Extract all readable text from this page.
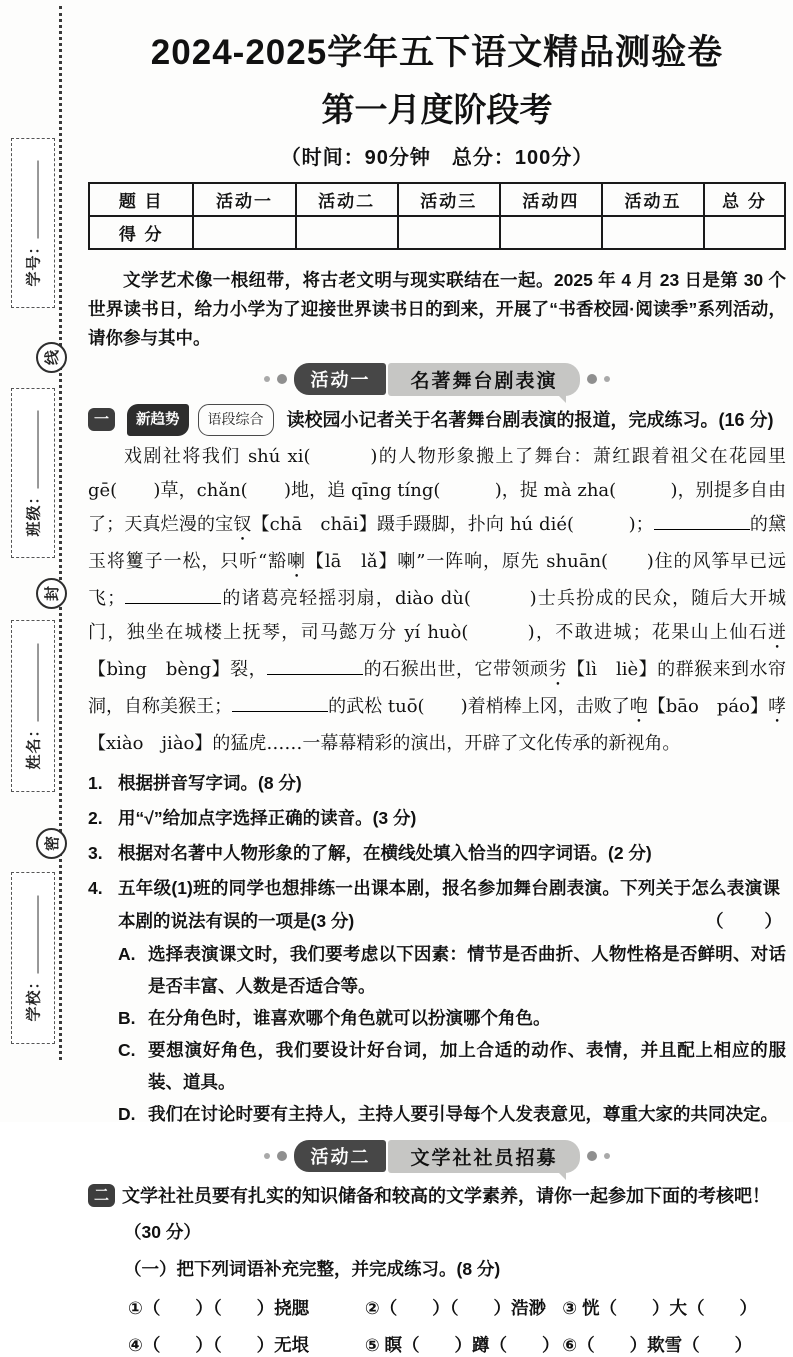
学号：
线
班级：
封
姓名：
密
学校：
2024-2025学年五下语文精品测验卷
第一月度阶段考
（时间：90分钟　总分：100分）
题 目	活动一	活动二	活动三	活动四	活动五	总 分
得 分						

文学艺术像一根纽带，将古老文明与现实联结在一起。2025 年 4 月 23 日是第 30 个世界读书日，给力小学为了迎接世界读书日的到来，开展了“书香校园·阅读季”系列活动，请你参与其中。

活动一	名著舞台剧表演
一 新趋势 语段综合 读校园小记者关于名著舞台剧表演的报道，完成练习。(16 分)

戏剧社将我们 shú xi(　　　)的人物形象搬上了舞台：萧红跟着祖父在花园里 gē(　　)草，chǎn(　　)地，追 qīng tíng(　　　)，捉 mà zha(　　　)，别提多自由了；天真烂漫的宝钗【chā　chāi】蹑手蹑脚，扑向 hú dié(　　　)；	的黛玉将籰子一松，只听“豁喇【lā　lǎ】喇”一阵响，原先 shuān(　　)住的风筝早已远飞；	的诸葛亮轻摇羽扇，diào dù(　　　)士兵扮成的民众，随后大开城门，独坐在城楼上抚琴，司马懿万分 yí huò(　　　)，不敢进城；花果山上仙石迸【bìng　bèng】裂，	的石猴出世，它带领顽劣【lì　liè】的群猴来到水帘洞，自称美猴王；	的武松 tuō(　　)着梢棒上冈，击败了咆【bāo　páo】哮【xiào　jiào】的猛虎……一幕幕精彩的演出，开辟了文化传承的新视角。

1. 根据拼音写字词。(8 分)
2. 用“√”给加点字选择正确的读音。(3 分)
3. 根据对名著中人物形象的了解，在横线处填入恰当的四字词语。(2 分)
4. 五年级(1)班的同学也想排练一出课本剧，报名参加舞台剧表演。下列关于怎么表演课本剧的说法有误的一项是(3 分)	（　　）
A. 选择表演课文时，我们要考虑以下因素：情节是否曲折、人物性格是否鲜明、对话是否丰富、人数是否适合等。
B. 在分角色时，谁喜欢哪个角色就可以扮演哪个角色。
C. 要想演好角色，我们要设计好台词，加上合适的动作、表情，并且配上相应的服装、道具。
D. 我们在讨论时要有主持人，主持人要引导每个人发表意见，尊重大家的共同决定。
活动二	文学社社员招募
二 文学社社员要有扎实的知识储备和较高的文学素养，请你一起参加下面的考核吧！
（30 分）
（一）把下列词语补充完整，并完成练习。(8 分)
①（　　）（　　）挠腮	②（　　）（　　）浩渺 ③ 恍（　　）大（　　）
④（　　）（　　）无垠	⑤ 瞑（　　）蹲（　　） ⑥（　　）欺雪（　　）
